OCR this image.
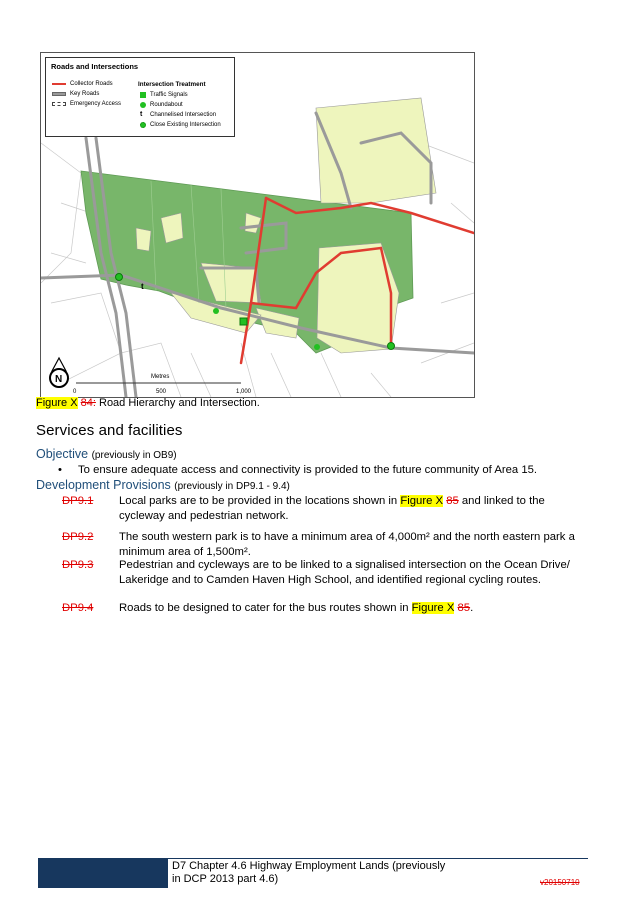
t
Metres
0	500	1,000
N
Roads and Intersections
Collector Roads
Key Roads
Emergency Access
Intersection Treatment
Traffic Signals
Roundabout
t	Channelised Intersection
Close Existing Intersection
Figure X 84: Road Hierarchy and Intersection.
Services and facilities
Objective (previously in OB9)
• To ensure adequate access and connectivity is provided to the future community of Area 15.
Development Provisions (previously in DP9.1 - 9.4)
DP9.1 Local parks are to be provided in the locations shown in Figure X 85 and linked to the cycleway and pedestrian network.
DP9.2 The south western park is to have a minimum area of 4,000m² and the north eastern park a minimum area of 1,500m².
DP9.3 Pedestrian and cycleways are to be linked to a signalised intersection on the Ocean Drive/ Lakeridge and to Camden Haven High School, and identified regional cycling routes.
DP9.4 Roads to be designed to cater for the bus routes shown in Figure X 85.
D7 Chapter 4.6 Highway Employment Lands (previously
in DCP 2013 part 4.6)	v20150710
